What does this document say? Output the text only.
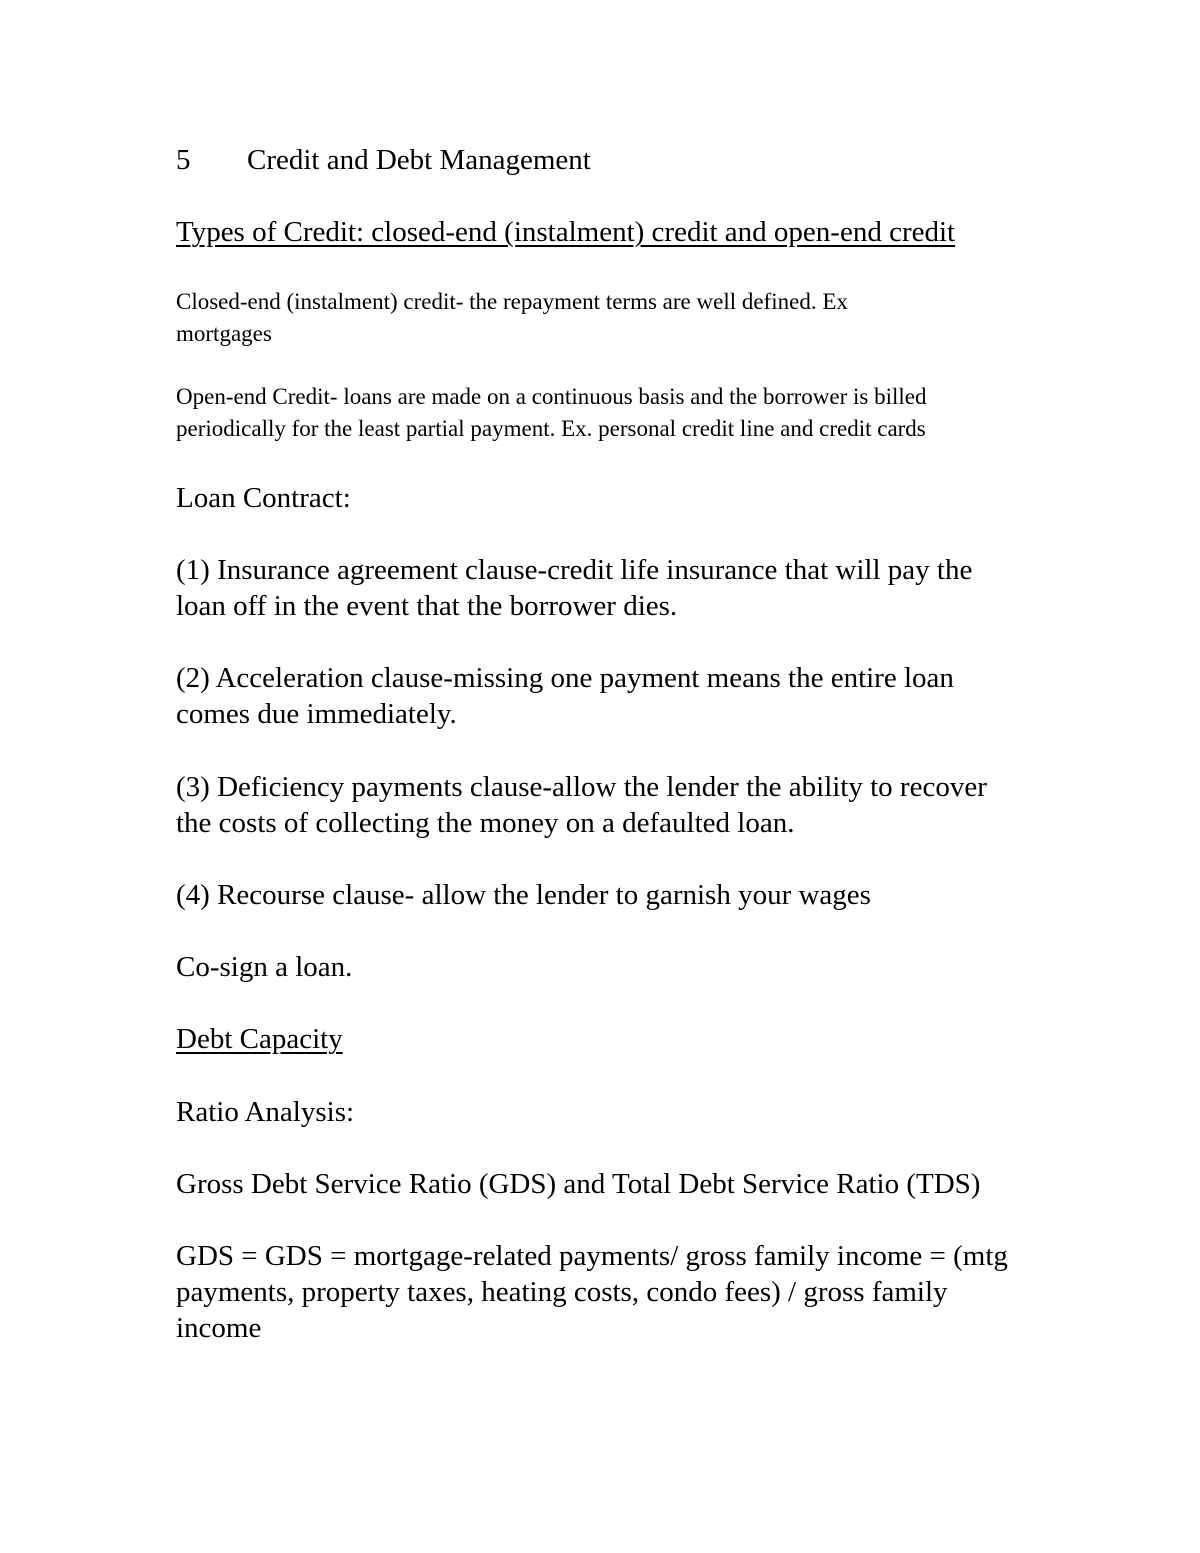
5 Credit and Debt Management
Types of Credit: closed-end (instalment) credit and open-end credit
Closed-end (instalment) credit- the repayment terms are well defined. Ex
mortgages
Open-end Credit- loans are made on a continuous basis and the borrower is billed
periodically for the least partial payment. Ex. personal credit line and credit cards
Loan Contract:
(1) Insurance agreement clause-credit life insurance that will pay the
loan off in the event that the borrower dies.
(2) Acceleration clause-missing one payment means the entire loan
comes due immediately.
(3) Deficiency payments clause-allow the lender the ability to recover
the costs of collecting the money on a defaulted loan.
(4) Recourse clause- allow the lender to garnish your wages
Co-sign a loan.
Debt Capacity
Ratio Analysis:
Gross Debt Service Ratio (GDS) and Total Debt Service Ratio (TDS)
GDS = GDS = mortgage-related payments/ gross family income = (mtg
payments, property taxes, heating costs, condo fees) / gross family
income
